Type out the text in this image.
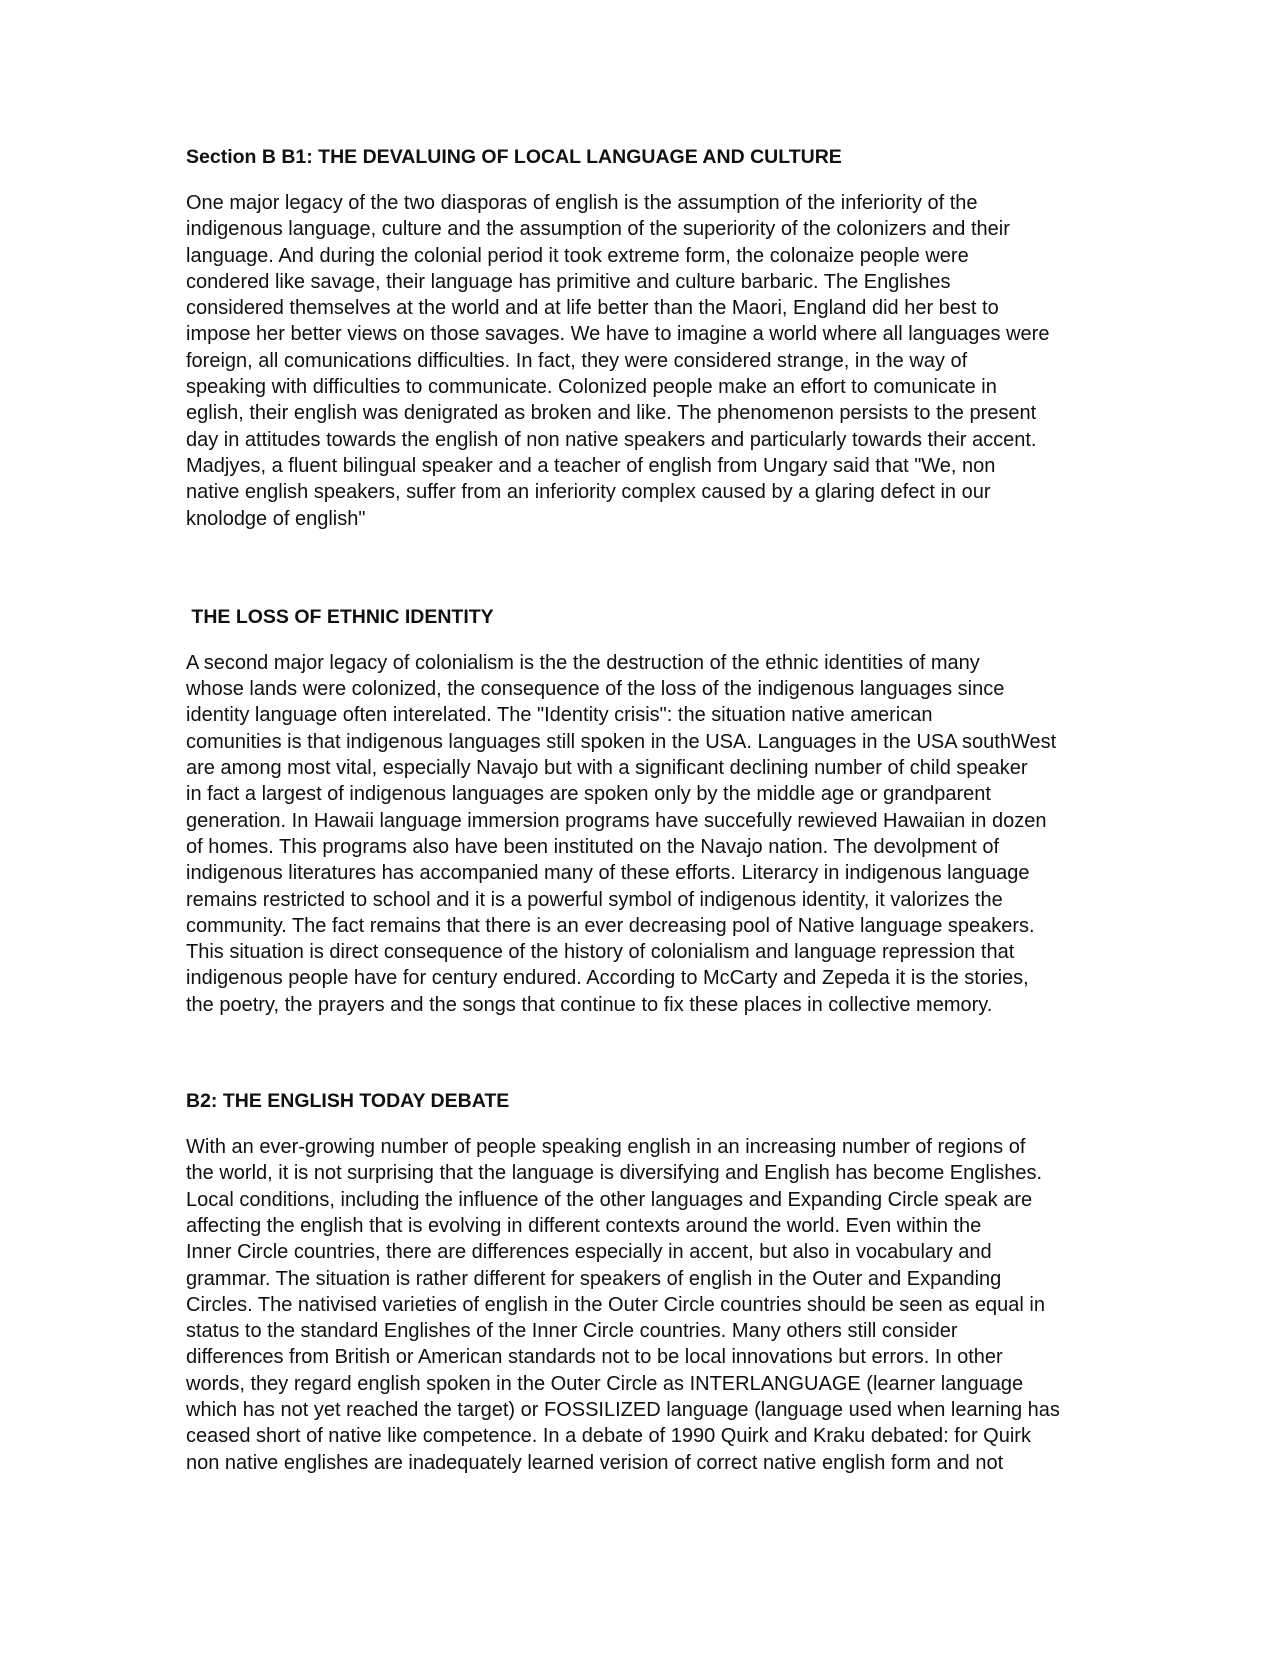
Section B B1: THE DEVALUING OF LOCAL LANGUAGE AND CULTURE

One major legacy of the two diasporas of english is the assumption of the inferiority of the
indigenous language, culture and the assumption of the superiority of the colonizers and their
language. And during the colonial period it took extreme form, the colonaize people were
condered like savage, their language has primitive and culture barbaric. The Englishes
considered themselves at the world and at life better than the Maori, England did her best to
impose her better views on those savages. We have to imagine a world where all languages were
foreign, all comunications difficulties. In fact, they were considered strange, in the way of
speaking with difficulties to communicate. Colonized people make an effort to comunicate in
eglish, their english was denigrated as broken and like. The phenomenon persists to the present
day in attitudes towards the english of non native speakers and particularly towards their accent.
Madjyes, a fluent bilingual speaker and a teacher of english from Ungary said that "We, non
native english speakers, suffer from an inferiority complex caused by a glaring defect in our
knolodge of english"

THE LOSS OF ETHNIC IDENTITY

A second major legacy of colonialism is the the destruction of the ethnic identities of many
whose lands were colonized, the consequence of the loss of the indigenous languages since
identity language often interelated. The "Identity crisis": the situation native american
comunities is that indigenous languages still spoken in the USA. Languages in the USA southWest
are among most vital, especially Navajo but with a significant declining number of child speaker
in fact a largest of indigenous languages are spoken only by the middle age or grandparent
generation. In Hawaii language immersion programs have succefully rewieved Hawaiian in dozen
of homes. This programs also have been instituted on the Navajo nation. The devolpment of
indigenous literatures has accompanied many of these efforts. Literarcy in indigenous language
remains restricted to school and it is a powerful symbol of indigenous identity, it valorizes the
community. The fact remains that there is an ever decreasing pool of Native language speakers.
This situation is direct consequence of the history of colonialism and language repression that
indigenous people have for century endured. According to McCarty and Zepeda it is the stories,
the poetry, the prayers and the songs that continue to fix these places in collective memory.

B2: THE ENGLISH TODAY DEBATE

With an ever-growing number of people speaking english in an increasing number of regions of
the world, it is not surprising that the language is diversifying and English has become Englishes.
Local conditions, including the influence of the other languages and Expanding Circle speak are
affecting the english that is evolving in different contexts around the world. Even within the
Inner Circle countries, there are differences especially in accent, but also in vocabulary and
grammar. The situation is rather different for speakers of english in the Outer and Expanding
Circles. The nativised varieties of english in the Outer Circle countries should be seen as equal in
status to the standard Englishes of the Inner Circle countries. Many others still consider
differences from British or American standards not to be local innovations but errors. In other
words, they regard english spoken in the Outer Circle as INTERLANGUAGE (learner language
which has not yet reached the target) or FOSSILIZED language (language used when learning has
ceased short of native like competence. In a debate of 1990 Quirk and Kraku debated: for Quirk
non native englishes are inadequately learned verision of correct native english form and not
